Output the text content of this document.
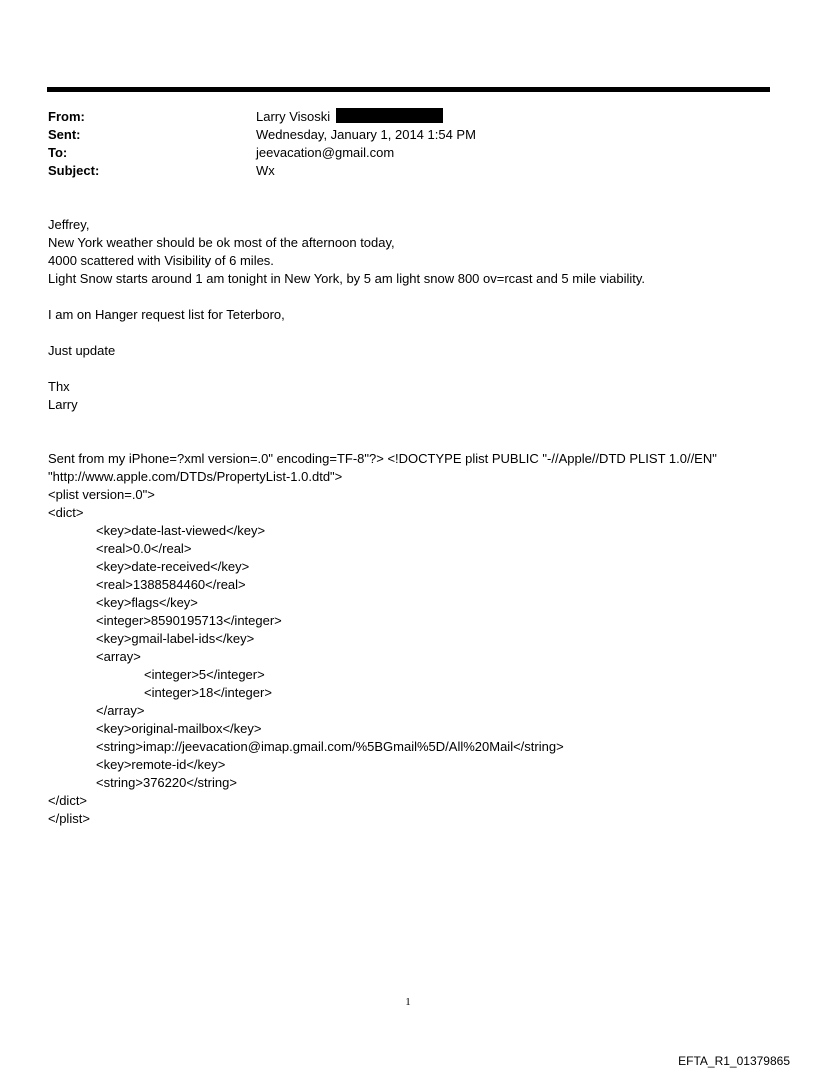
From:	Larry Visoski
Sent:	Wednesday, January 1, 2014 1:54 PM
To:	jeevacation@gmail.com
Subject:	Wx
Jeffrey,
New York weather should be ok most of the afternoon today,
4000 scattered with Visibility of 6 miles.
Light Snow starts around 1 am tonight in New York, by 5 am light snow 800 ov=rcast and 5 mile viability.
I am on Hanger request list for Teterboro,
Just update
Thx
Larry
Sent from my iPhone=?xml version=.0" encoding=TF-8"?> <!DOCTYPE plist PUBLIC "-//Apple//DTD PLIST 1.0//EN"
"http://www.apple.com/DTDs/PropertyList-1.0.dtd">
<plist version=.0">
<dict>
<key>date-last-viewed</key>
<real>0.0</real>
<key>date-received</key>
<real>1388584460</real>
<key>flags</key>
<integer>8590195713</integer>
<key>gmail-label-ids</key>
<array>
<integer>5</integer>
<integer>18</integer>
</array>
<key>original-mailbox</key>
<string>imap://jeevacation@imap.gmail.com/%5BGmail%5D/All%20Mail</string>
<key>remote-id</key>
<string>376220</string>
</dict>
</plist>
1
EFTA_R1_01379865
